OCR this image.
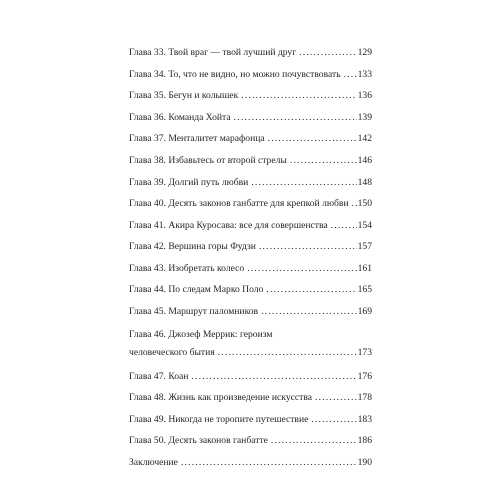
Глава 33. Твой враг — твой лучший друг . . .	129
Глава 34. То, что не видно, но можно почувствовать . . . 133
Глава 35. Бегун и колышек . . .	136
Глава 36. Команда Хойта . . .	139
Глава 37. Менталитет марафонца . . .	142
Глава 38. Избавьтесь от второй стрелы . . .	146
Глава 39. Долгий путь любви . . .	148
Глава 40. Десять законов ганбатте для крепкой любви . . . 150
Глава 41. Акира Куросава: все для совершенства . . .	154
Глава 42. Вершина горы Фудзи . . .	157
Глава 43. Изобретать колесо . . .	161
Глава 44. По следам Марко Поло . . .	165
Глава 45. Маршрут паломников . . .	169
Глава 46. Джозеф Меррик: героизм
человеческого бытия . . .	173
Глава 47. Коан . . .	176
Глава 48. Жизнь как произведение искусства . . .	178
Глава 49. Никогда не торопите путешествие . . .	183
Глава 50. Десять законов ганбатте . . .	186
Заключение . . .	190
